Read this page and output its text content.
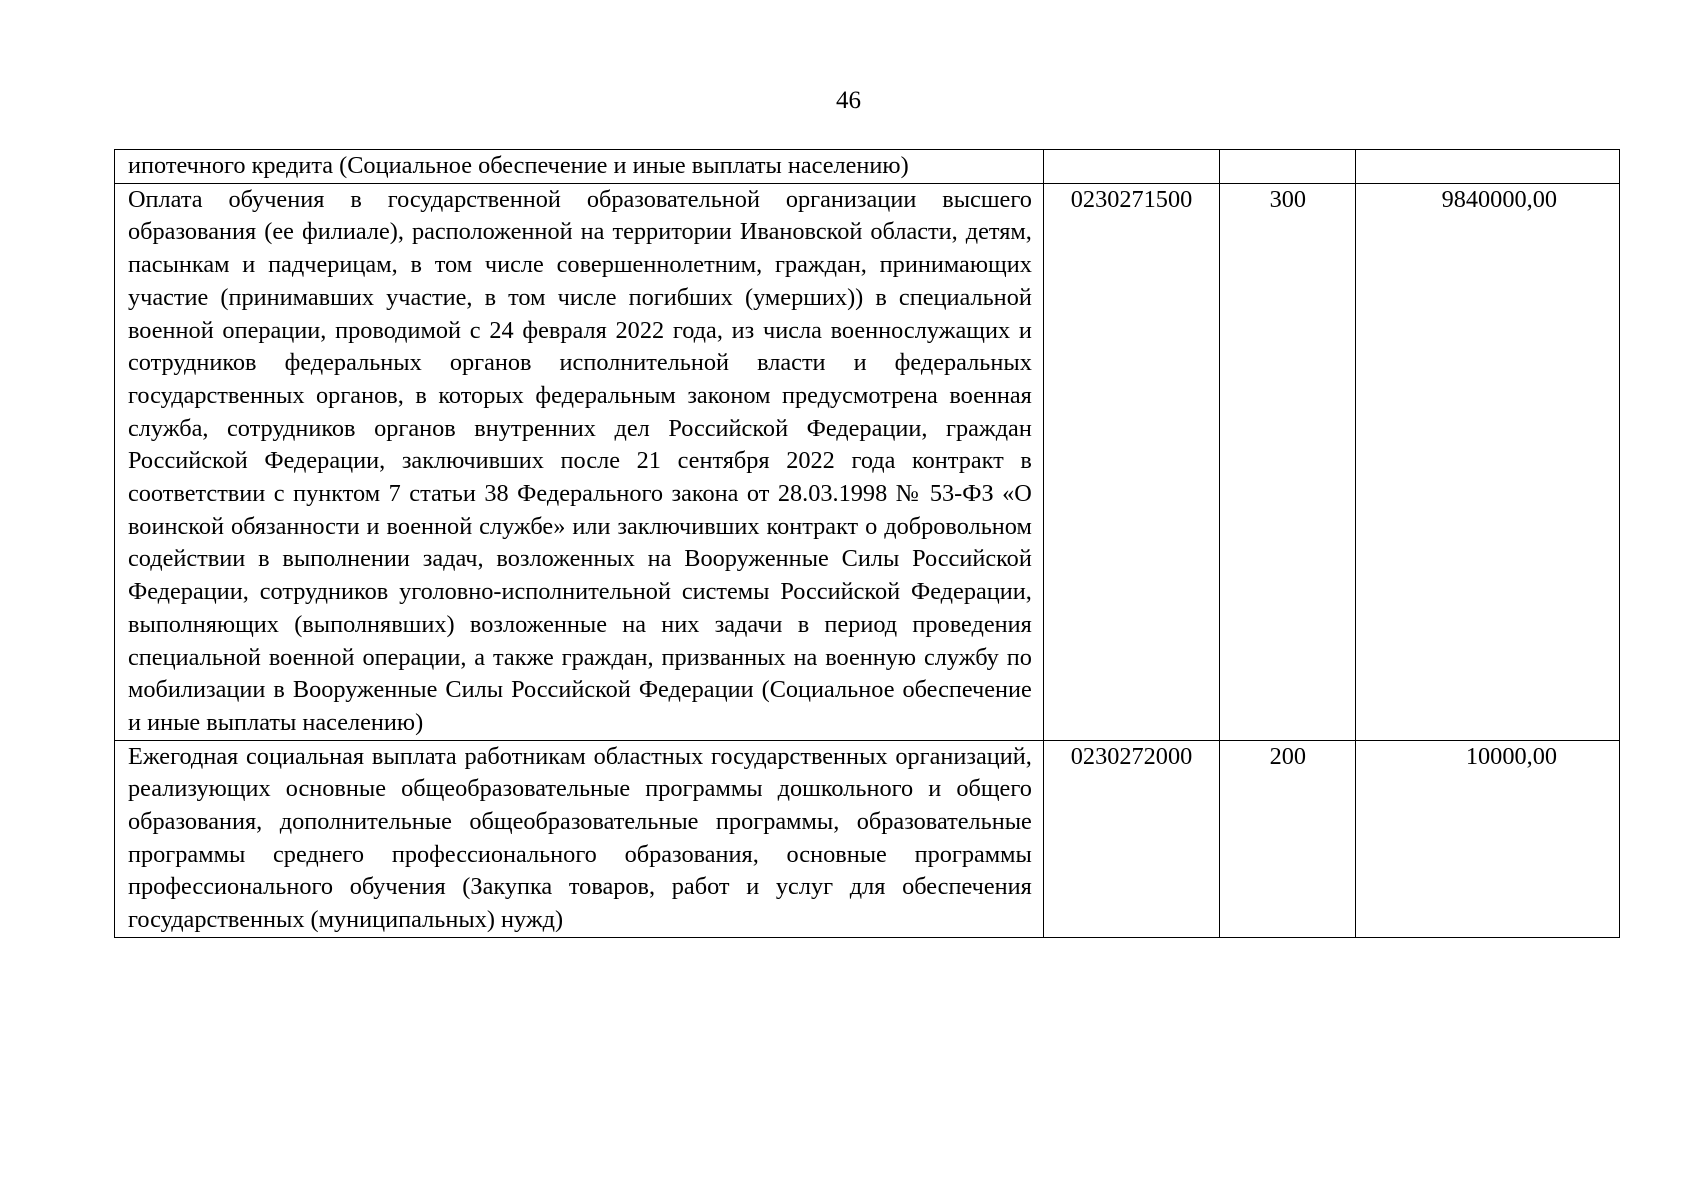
46
ипотечного кредита (Социальное обеспечение и иные выплаты населению)			
Оплата обучения в государственной образовательной организации высшего образования (ее филиале), расположенной на территории Ивановской области, детям, пасынкам и падчерицам, в том числе совершеннолетним, граждан, принимающих участие (принимавших участие, в том числе погибших (умерших)) в специальной военной операции, проводимой с 24 февраля 2022 года, из числа военнослужащих и сотрудников федеральных органов исполнительной власти и федеральных государственных органов, в которых федеральным законом предусмотрена военная служба, сотрудников органов внутренних дел Российской Федерации, граждан Российской Федерации, заключивших после 21 сентября 2022 года контракт в соответствии с пунктом 7 статьи 38 Федерального закона от 28.03.1998 № 53-ФЗ «О воинской обязанности и военной службе» или заключивших контракт о добровольном содействии в выполнении задач, возложенных на Вооруженные Силы Российской Федерации, сотрудников уголовно-исполнительной системы Российской Федерации, выполняющих (выполнявших) возложенные на них задачи в период проведения специальной военной операции, а также граждан, призванных на военную службу по мобилизации в Вооруженные Силы Российской Федерации (Социальное обеспечение и иные выплаты населению)	0230271500	300	9840000,00
Ежегодная социальная выплата работникам областных государственных организаций, реализующих основные общеобразовательные программы дошкольного и общего образования, дополнительные общеобразовательные программы, образовательные программы среднего профессионального образования, основные программы профессионального обучения (Закупка товаров, работ и услуг для обеспечения государственных (муниципальных) нужд)	0230272000	200	10000,00
